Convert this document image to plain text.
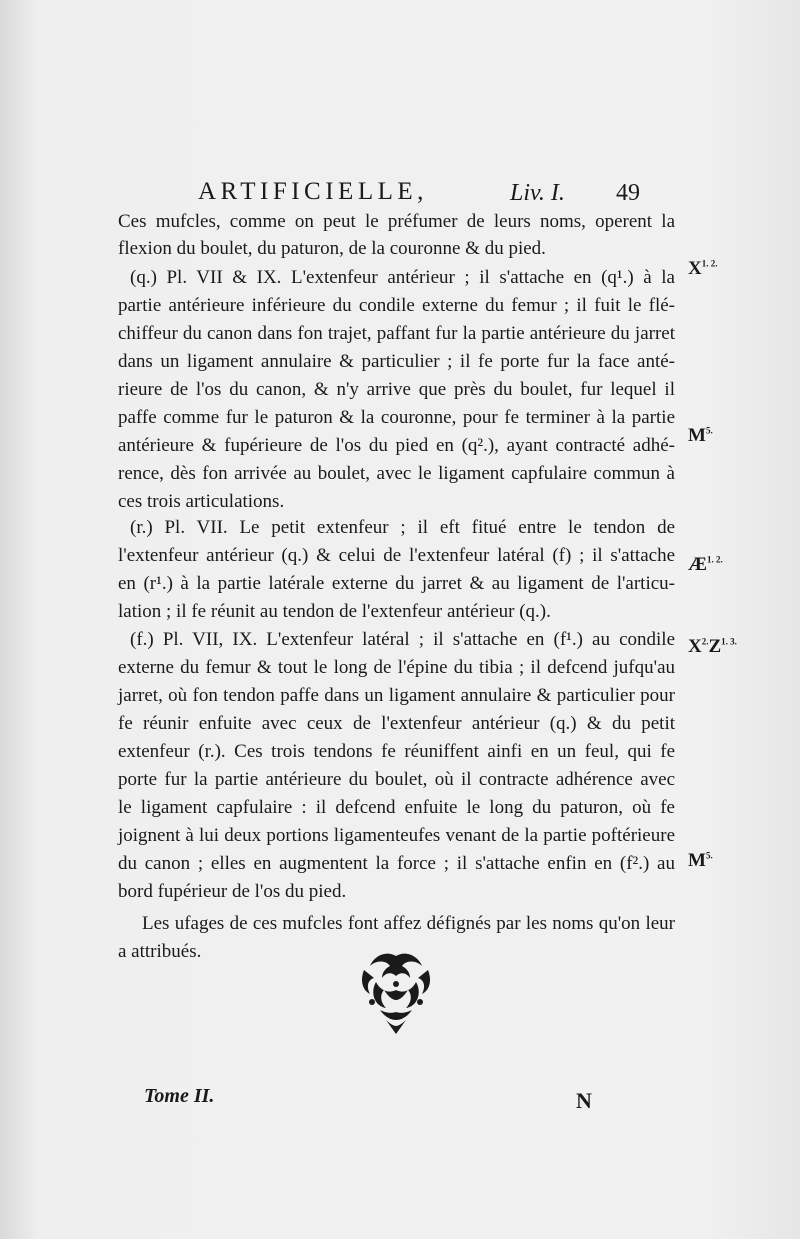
ARTIFICIELLE,	Liv. I. 49
Ces mufcles, comme on peut le préfumer de leurs noms, operent la
flexion du boulet, du paturon, de la couronne & du pied.
(q.) Pl. VII & IX. L'extenfeur antérieur ; il s'attache en (q¹.) à la
partie antérieure inférieure du condile externe du femur ; il fuit le flé-
chiffeur du canon dans fon trajet, paffant fur la partie antérieure du jarret
dans un ligament annulaire & particulier ; il fe porte fur la face anté-
rieure de l'os du canon, & n'y arrive que près du boulet, fur lequel il
paffe comme fur le paturon & la couronne, pour fe terminer à la partie
antérieure & fupérieure de l'os du pied en (q².), ayant contracté adhé-
rence, dès fon arrivée au boulet, avec le ligament capfulaire commun à
ces trois articulations.
(r.) Pl. VII. Le petit extenfeur ; il eft fitué entre le tendon de
l'extenfeur antérieur (q.) & celui de l'extenfeur latéral (f) ; il s'attache
en (r¹.) à la partie latérale externe du jarret & au ligament de l'articu-
lation ; il fe réunit au tendon de l'extenfeur antérieur (q.).
(f.) Pl. VII, IX. L'extenfeur latéral ; il s'attache en (f¹.) au condile
externe du femur & tout le long de l'épine du tibia ; il defcend jufqu'au
jarret, où fon tendon paffe dans un ligament annulaire & particulier pour
fe réunir enfuite avec ceux de l'extenfeur antérieur (q.) & du petit
extenfeur (r.). Ces trois tendons fe réuniffent ainfi en un feul, qui fe
porte fur la partie antérieure du boulet, où il contracte adhérence avec
le ligament capfulaire : il defcend enfuite le long du paturon, où fe
joignent à lui deux portions ligamenteufes venant de la partie poftérieure
du canon ; elles en augmentent la force ; il s'attache enfin en (f².) au
bord fupérieur de l'os du pied.
Les ufages de ces mufcles font affez défignés par les noms qu'on leur
a attribués.
$X^{1. 2.}$
$M^{5.}$
$Æ^{1. 2.}$
$X^{2.}Z^{1. 3.}$
$M^{5.}$
Tome II.	N
